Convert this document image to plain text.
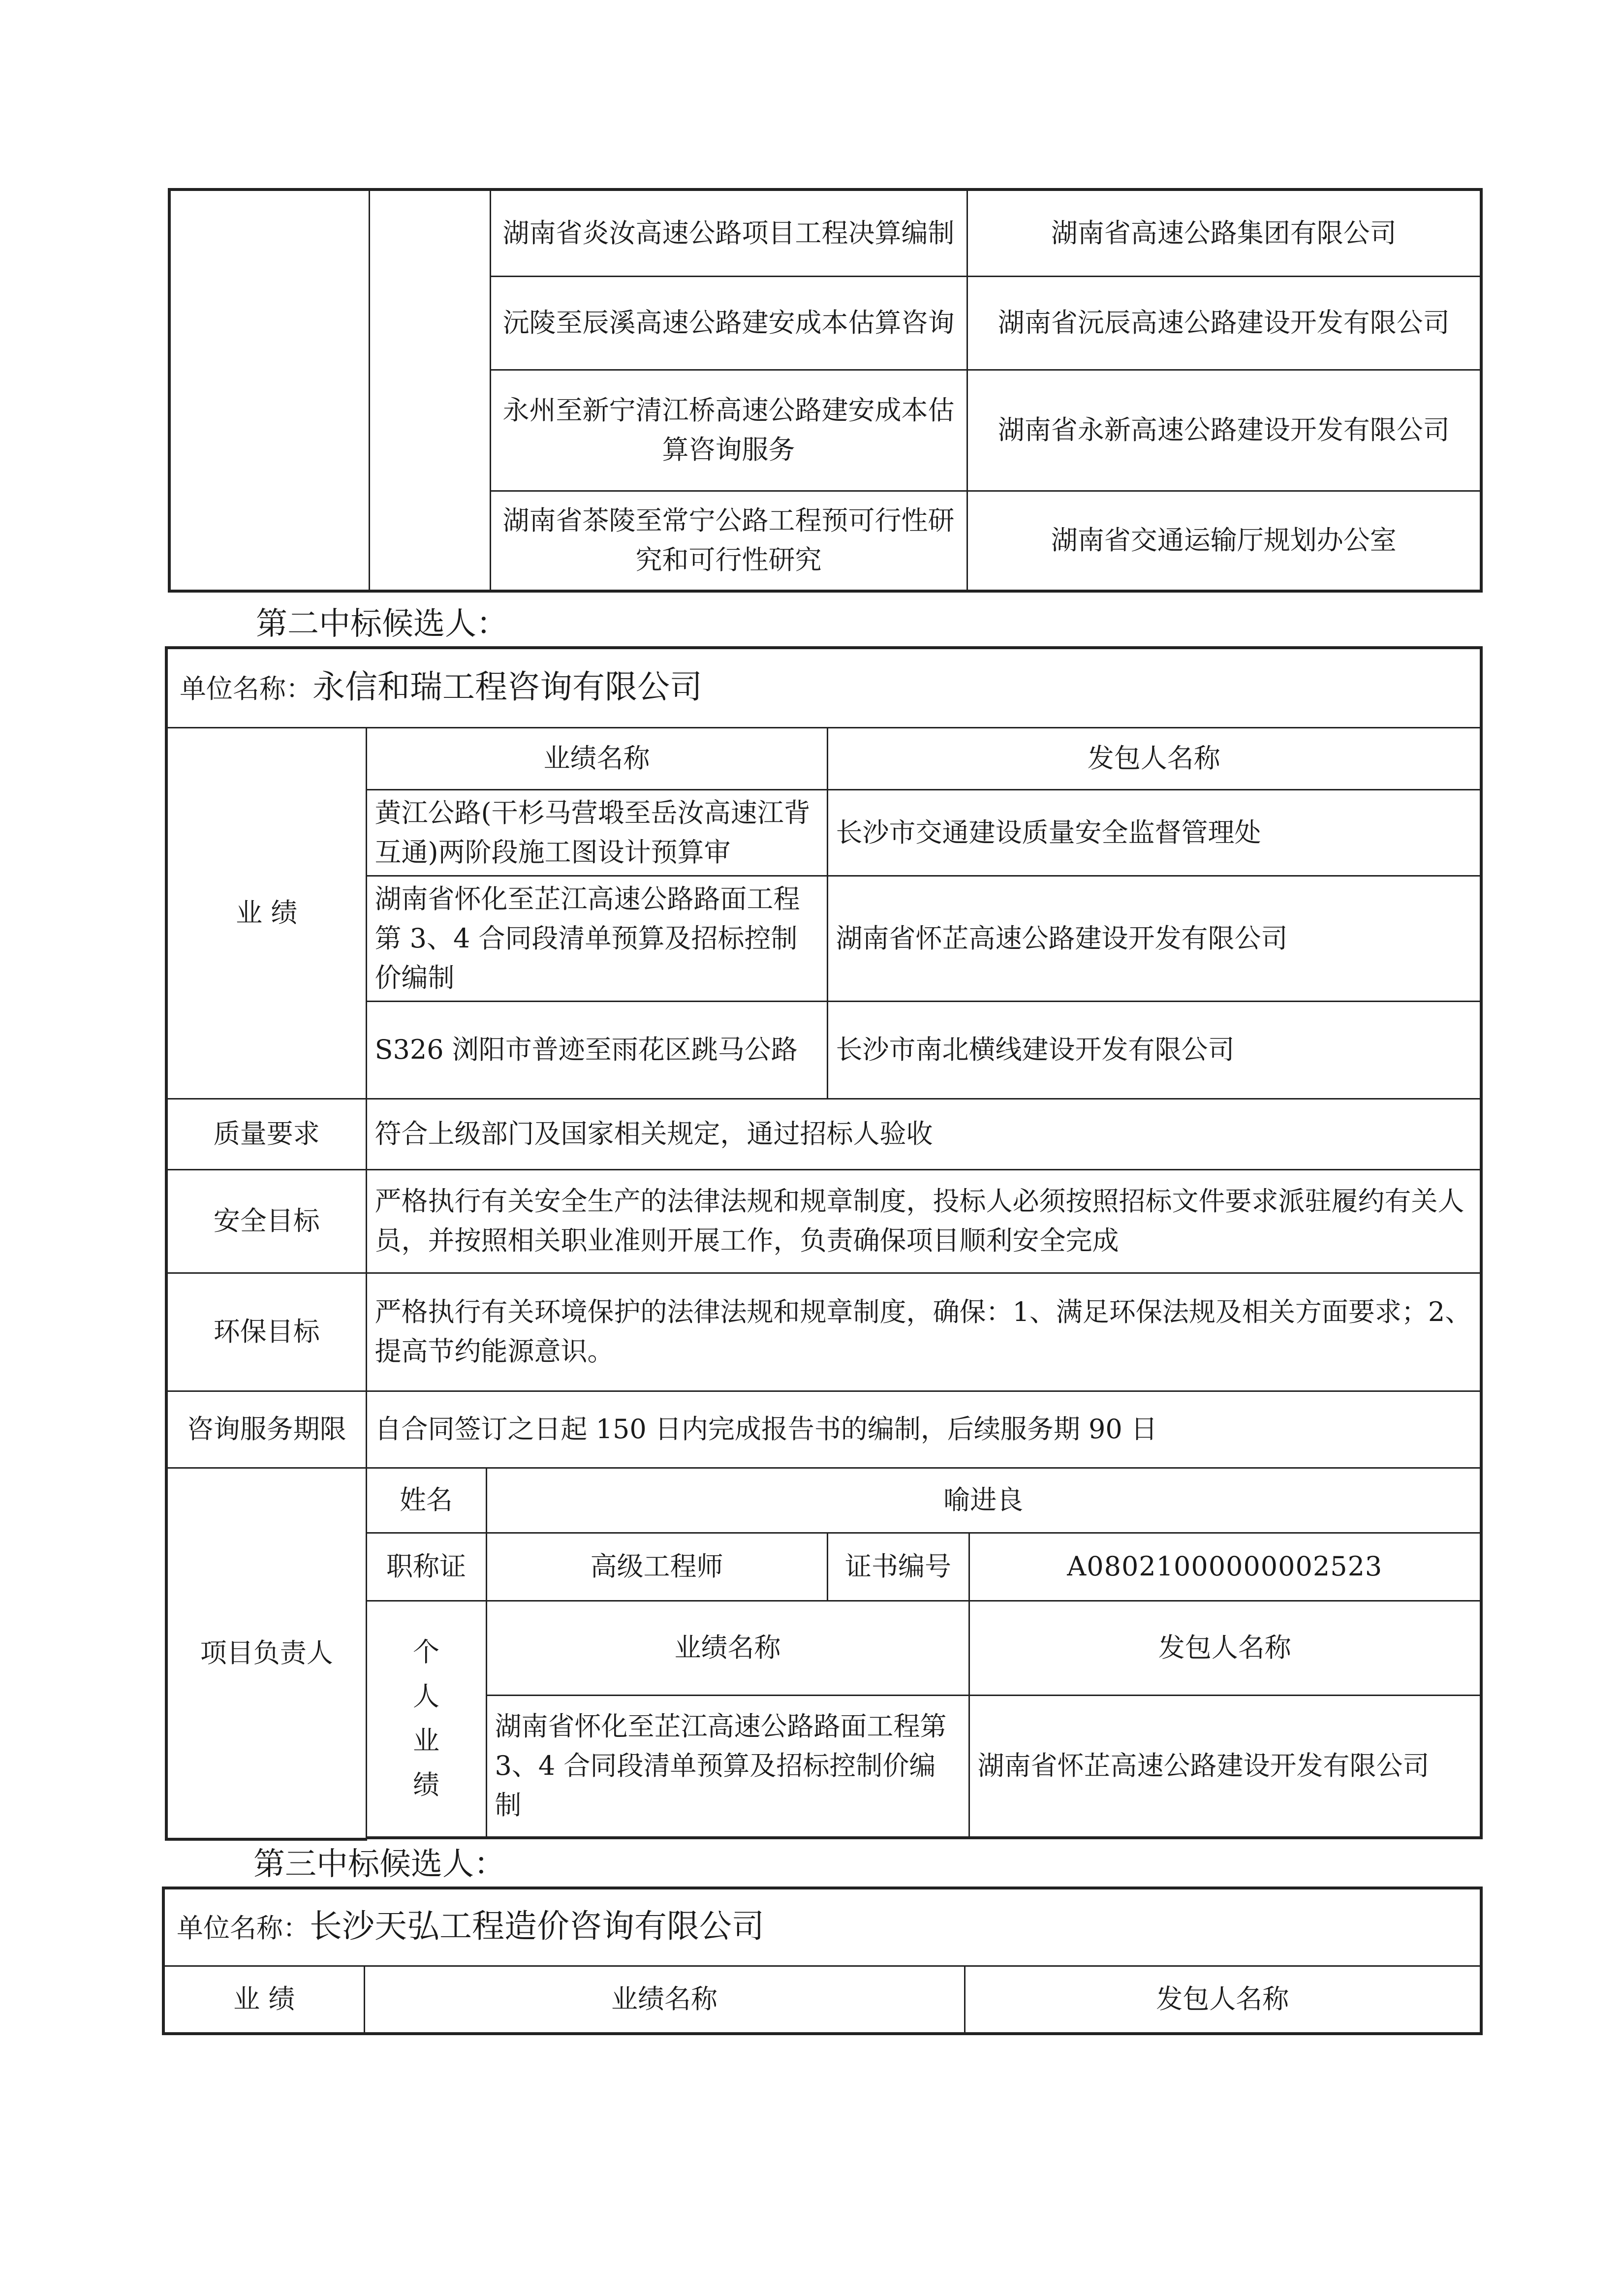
		湖南省炎汝高速公路项目工程决算编制	湖南省高速公路集团有限公司
		沅陵至辰溪高速公路建安成本估算咨询	湖南省沅辰高速公路建设开发有限公司
		永州至新宁清江桥高速公路建安成本估算咨询服务	湖南省永新高速公路建设开发有限公司
		湖南省茶陵至常宁公路工程预可行性研究和可行性研究	湖南省交通运输厅规划办公室
第二中标候选人：
单位名称：永信和瑞工程咨询有限公司				
业 绩	业绩名称		发包人名称	
	黄江公路(干杉马营塅至岳汝高速江背互通)两阶段施工图设计预算审		长沙市交通建设质量安全监督管理处	
	湖南省怀化至芷江高速公路路面工程第 3、4 合同段清单预算及招标控制价编制		湖南省怀芷高速公路建设开发有限公司	
	S326 浏阳市普迹至雨花区跳马公路		长沙市南北横线建设开发有限公司	
质量要求	符合上级部门及国家相关规定，通过招标人验收			
安全目标	严格执行有关安全生产的法律法规和规章制度，投标人必须按照招标文件要求派驻履约有关人员，并按照相关职业准则开展工作，负责确保项目顺利安全完成			
环保目标	严格执行有关环境保护的法律法规和规章制度，确保：1、满足环保法规及相关方面要求；2、提高节约能源意识。			
咨询服务期限	自合同签订之日起 150 日内完成报告书的编制，后续服务期 90 日			
项目负责人	姓名	喻进良		
	职称证	高级工程师	证书编号	A08021000000002523

	个人业绩	业绩名称		发包人名称
		湖南省怀化至芷江高速公路路面工程第 3、4 合同段清单预算及招标控制价编制		湖南省怀芷高速公路建设开发有限公司

第三中标候选人：
单位名称：长沙天弘工程造价咨询有限公司
业 绩	业绩名称	发包人名称
